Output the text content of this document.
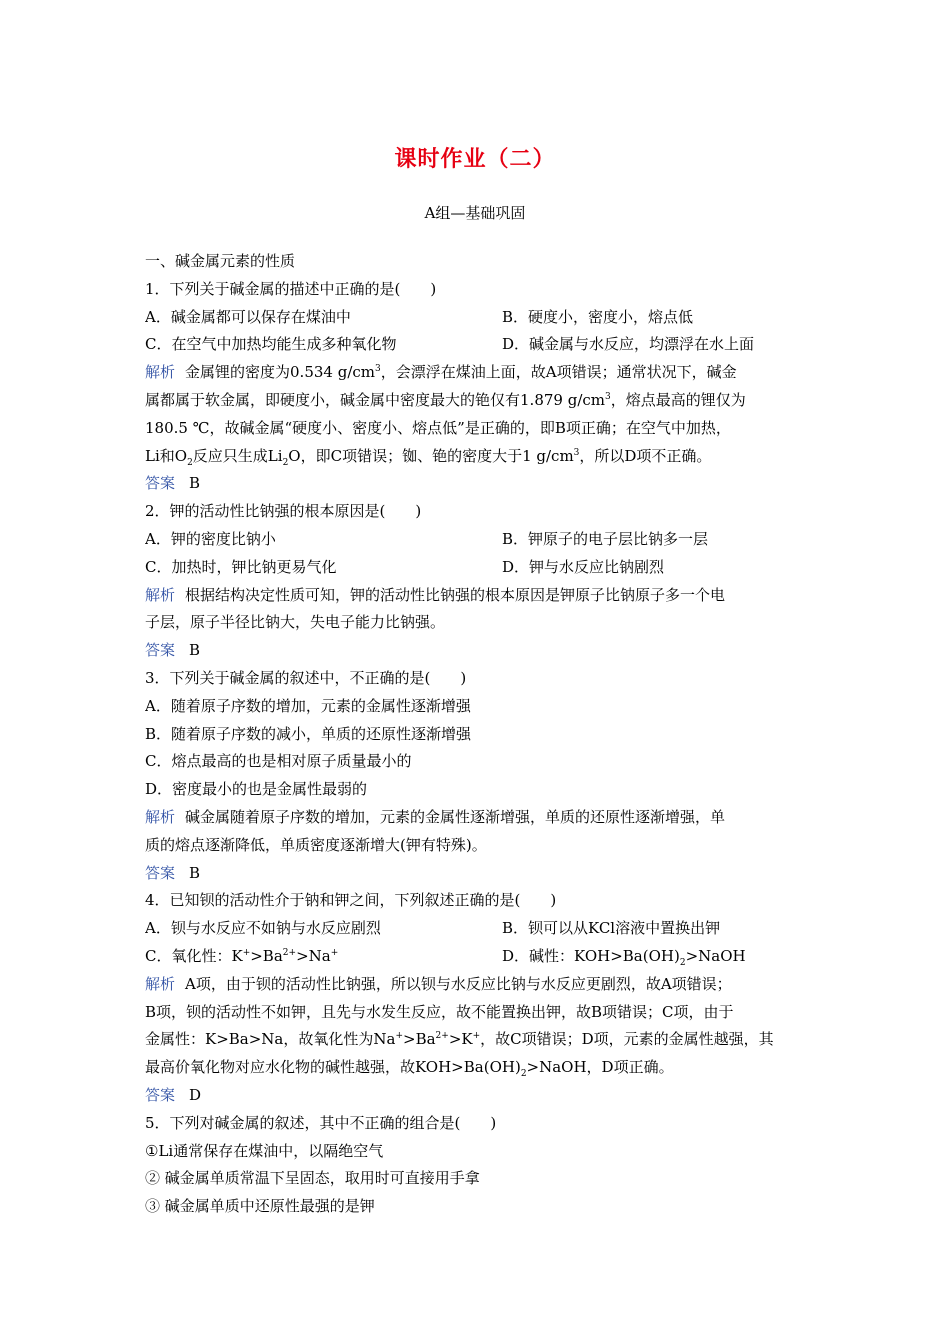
课时作业（二）
A组—基础巩固
一、碱金属元素的性质
1．下列关于碱金属的描述中正确的是(　　)
A．碱金属都可以保存在煤油中	B．硬度小，密度小，熔点低
C．在空气中加热均能生成多种氧化物	D．碱金属与水反应，均漂浮在水上面
解析 金属锂的密度为0.534 $g/cm^3$，会漂浮在煤油上面，故A项错误；通常状况下，碱金
属都属于软金属，即硬度小，碱金属中密度最大的铯仅有1.879 $g/cm^3$，熔点最高的锂仅为
180.5 ℃，故碱金属“硬度小、密度小、熔点低”是正确的，即B项正确；在空气中加热，
Li和$O_2$反应只生成$Li_2O$，即C项错误；铷、铯的密度大于1 $g/cm^3$，所以D项不正确。
答案 B
2．钾的活动性比钠强的根本原因是(　　)
A．钾的密度比钠小	B．钾原子的电子层比钠多一层
C．加热时，钾比钠更易气化	D．钾与水反应比钠剧烈
解析 根据结构决定性质可知，钾的活动性比钠强的根本原因是钾原子比钠原子多一个电
子层，原子半径比钠大，失电子能力比钠强。
答案 B
3．下列关于碱金属的叙述中，不正确的是(　　)
A．随着原子序数的增加，元素的金属性逐渐增强
B．随着原子序数的减小，单质的还原性逐渐增强
C．熔点最高的也是相对原子质量最小的
D．密度最小的也是金属性最弱的
解析 碱金属随着原子序数的增加，元素的金属性逐渐增强，单质的还原性逐渐增强，单
质的熔点逐渐降低，单质密度逐渐增大(钾有特殊)。
答案 B
4．已知钡的活动性介于钠和钾之间，下列叙述正确的是(　　)
A．钡与水反应不如钠与水反应剧烈	B．钡可以从KCl溶液中置换出钾
C．氧化性：$K^+>Ba^{2+}>Na^+$	D．碱性：$KOH>Ba(OH)_2>NaOH$
解析 A项，由于钡的活动性比钠强，所以钡与水反应比钠与水反应更剧烈，故A项错误；
B项，钡的活动性不如钾，且先与水发生反应，故不能置换出钾，故B项错误；C项，由于
金属性：K>Ba>Na，故氧化性为$Na^+>Ba^{2+}>K^+$，故C项错误；D项，元素的金属性越强，其
最高价氧化物对应水化物的碱性越强，故$KOH>Ba(OH)_2>NaOH$，D项正确。
答案 D
5．下列对碱金属的叙述，其中不正确的组合是(　　)
①Li通常保存在煤油中，以隔绝空气
② 碱金属单质常温下呈固态，取用时可直接用手拿
③ 碱金属单质中还原性最强的是钾
